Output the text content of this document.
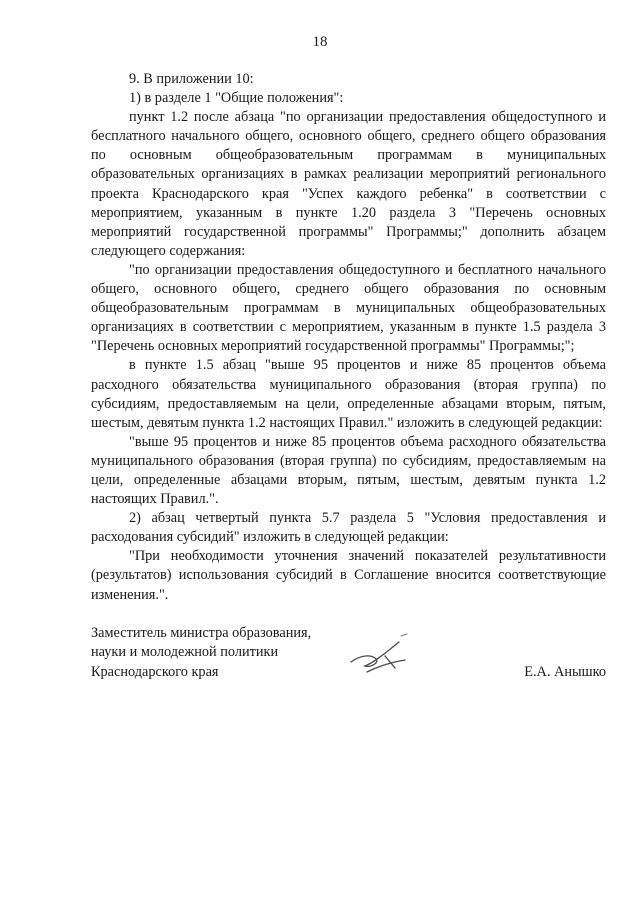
18

9. В приложении 10:

1) в разделе 1 "Общие положения":

пункт 1.2 после абзаца "по организации предоставления общедоступного и бесплатного начального общего, основного общего, среднего общего образования по основным общеобразовательным программам в муниципальных образовательных организациях в рамках реализации мероприятий регионального проекта Краснодарского края "Успех каждого ребенка" в соответствии с мероприятием, указанным в пункте 1.20 раздела 3 "Перечень основных мероприятий государственной программы" Программы;" дополнить абзацем следующего содержания:

"по организации предоставления общедоступного и бесплатного начального общего, основного общего, среднего общего образования по основным общеобразовательным программам в муниципальных общеобразовательных организациях в соответствии с мероприятием, указанным в пункте 1.5 раздела 3 "Перечень основных мероприятий государственной программы" Программы;";

в пункте 1.5 абзац "выше 95 процентов и ниже 85 процентов объема расходного обязательства муниципального образования (вторая группа) по субсидиям, предоставляемым на цели, определенные абзацами вторым, пятым, шестым, девятым пункта 1.2 настоящих Правил." изложить в следующей редакции:

"выше 95 процентов и ниже 85 процентов объема расходного обязательства муниципального образования (вторая группа) по субсидиям, предоставляемым на цели, определенные абзацами вторым, пятым, шестым, девятым пункта 1.2 настоящих Правил.".

2) абзац четвертый пункта 5.7 раздела 5 "Условия предоставления и расходования субсидий" изложить в следующей редакции:

"При необходимости уточнения значений показателей результативности (результатов) использования субсидий в Соглашение вносится соответствующие изменения.".

Заместитель министра образования,
науки и молодежной политики
Краснодарского края	Е.А. Анышко
